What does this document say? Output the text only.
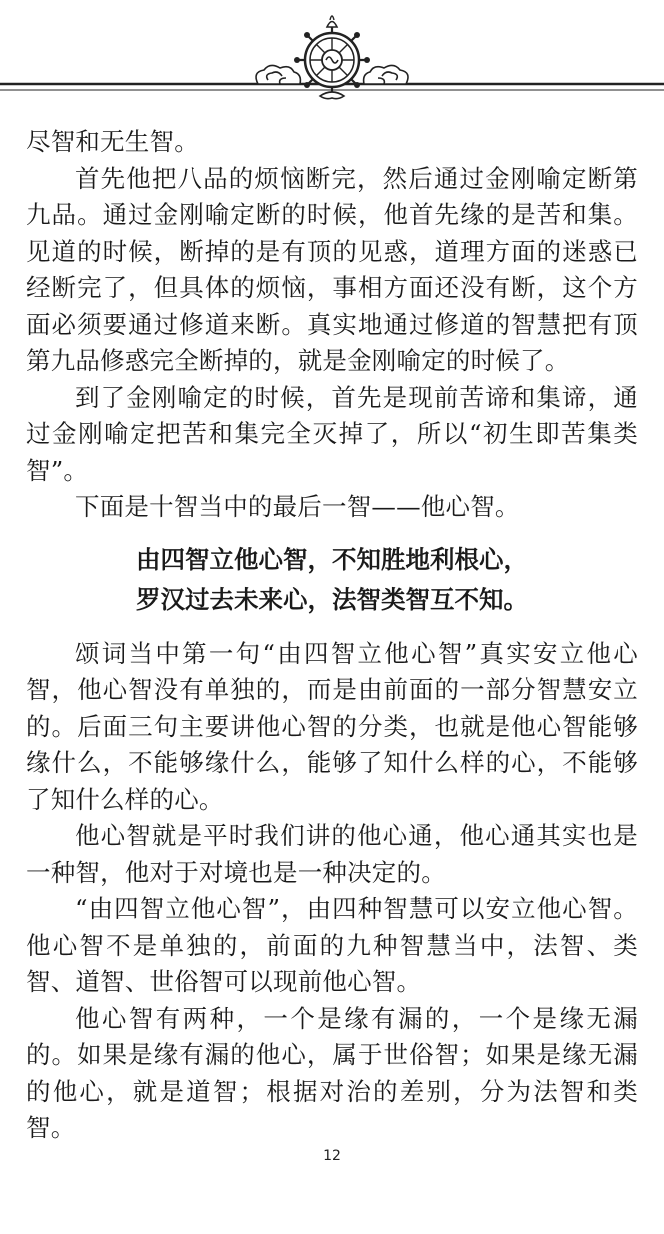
尽智和无生智。

首先他把八品的烦恼断完，然后通过金刚喻定断第九品。通过金刚喻定断的时候，他首先缘的是苦和集。见道的时候，断掉的是有顶的见惑，道理方面的迷惑已经断完了，但具体的烦恼，事相方面还没有断，这个方面必须要通过修道来断。真实地通过修道的智慧把有顶第九品修惑完全断掉的，就是金刚喻定的时候了。

到了金刚喻定的时候，首先是现前苦谛和集谛，通过金刚喻定把苦和集完全灭掉了，所以“初生即苦集类智”。

下面是十智当中的最后一智——他心智。

由四智立他心智，不知胜地利根心，

罗汉过去未来心，法智类智互不知。

颂词当中第一句“由四智立他心智”真实安立他心智，他心智没有单独的，而是由前面的一部分智慧安立的。后面三句主要讲他心智的分类，也就是他心智能够缘什么，不能够缘什么，能够了知什么样的心，不能够了知什么样的心。

他心智就是平时我们讲的他心通，他心通其实也是一种智，他对于对境也是一种决定的。

“由四智立他心智”，由四种智慧可以安立他心智。他心智不是单独的，前面的九种智慧当中，法智、类智、道智、世俗智可以现前他心智。

他心智有两种，一个是缘有漏的，一个是缘无漏的。如果是缘有漏的他心，属于世俗智；如果是缘无漏的他心，就是道智；根据对治的差别，分为法智和类智。

12
